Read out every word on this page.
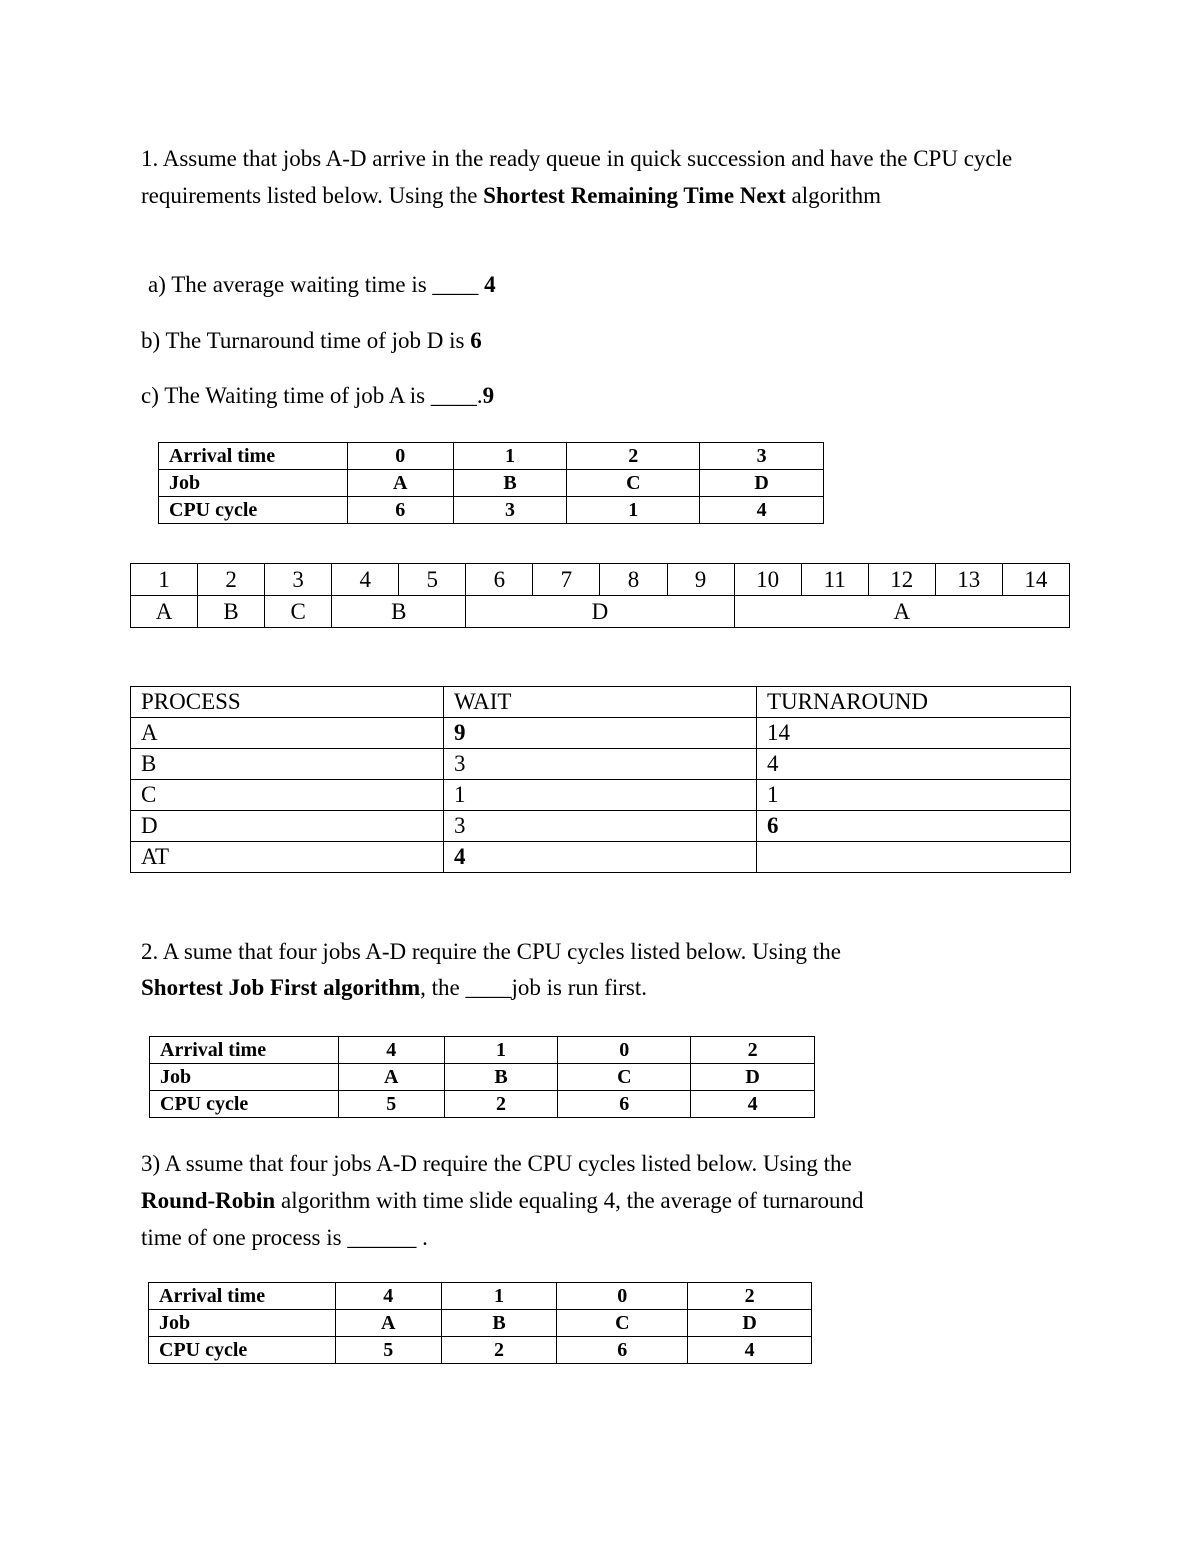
1. Assume that jobs A-D arrive in the ready queue in quick succession and have the CPU cycle requirements listed below. Using the Shortest Remaining Time Next algorithm

a) The average waiting time is ____ 4
b) The Turnaround time of job D is 6
c) The Waiting time of job A is ____.9
Arrival time	0	1	2	3
Job	A	B	C	D
CPU cycle	6	3	1	4
1	2	3	4	5	6	7	8	9	10	11	12	13	14
A	B	C	B		D				A				
PROCESS	WAIT	TURNAROUND
A	9	14
B	3	4
C	1	1
D	3	6
AT	4	
2. A sume that four jobs A-D require the CPU cycles listed below. Using the
Shortest Job First algorithm, the ____job is run first.
Arrival time	4	1	0	2
Job	A	B	C	D
CPU cycle	5	2	6	4
3) A ssume that four jobs A-D require the CPU cycles listed below. Using the
Round-Robin algorithm with time slide equaling 4, the average of turnaround
time of one process is ______ .
Arrival time	4	1	0	2
Job	A	B	C	D
CPU cycle	5	2	6	4
